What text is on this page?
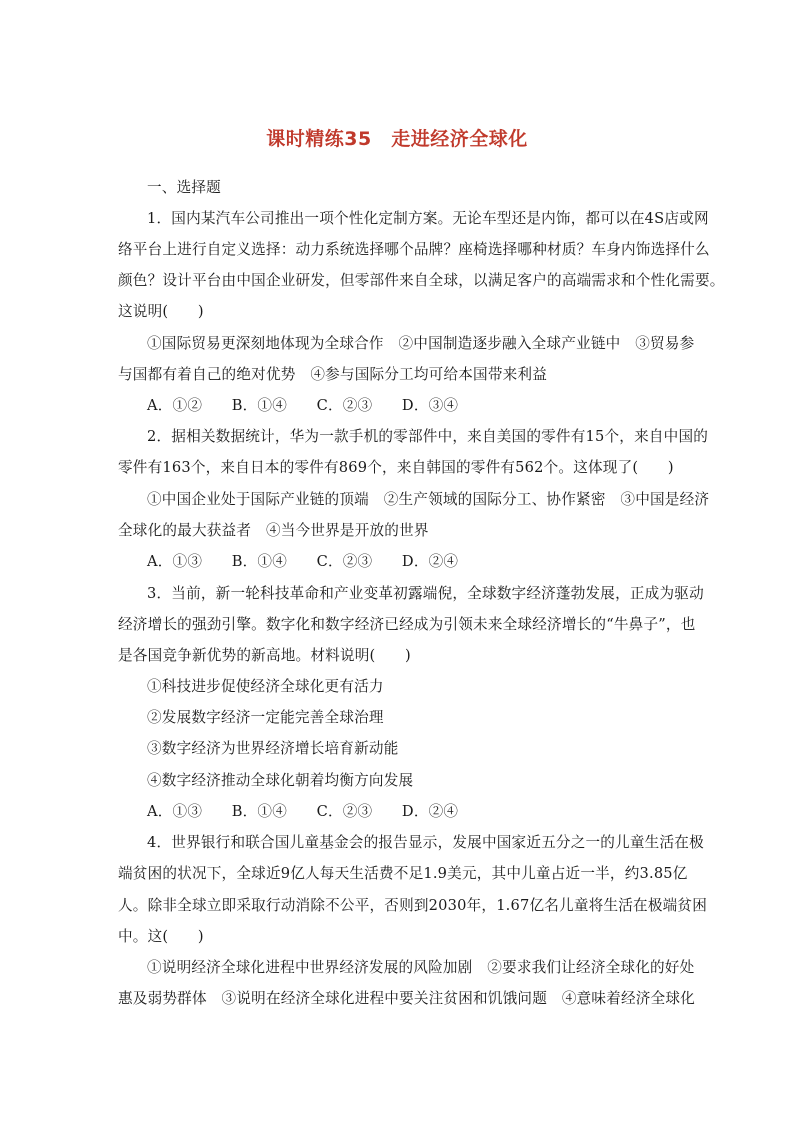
课时精练35　走进经济全球化
一、选择题
1．国内某汽车公司推出一项个性化定制方案。无论车型还是内饰，都可以在4S店或网
络平台上进行自定义选择：动力系统选择哪个品牌？座椅选择哪种材质？车身内饰选择什么
颜色？设计平台由中国企业研发，但零部件来自全球，以满足客户的高端需求和个性化需要。
这说明(　　)
①国际贸易更深刻地体现为全球合作　②中国制造逐步融入全球产业链中　③贸易参
与国都有着自己的绝对优势　④参与国际分工均可给本国带来利益
A．①②　　B．①④　　C．②③　　D．③④
2．据相关数据统计，华为一款手机的零部件中，来自美国的零件有15个，来自中国的
零件有163个，来自日本的零件有869个，来自韩国的零件有562个。这体现了(　　)
①中国企业处于国际产业链的顶端　②生产领域的国际分工、协作紧密　③中国是经济
全球化的最大获益者　④当今世界是开放的世界
A．①③　　B．①④　　C．②③　　D．②④
3．当前，新一轮科技革命和产业变革初露端倪，全球数字经济蓬勃发展，正成为驱动
经济增长的强劲引擎。数字化和数字经济已经成为引领未来全球经济增长的“牛鼻子”，也
是各国竞争新优势的新高地。材料说明(　　)
①科技进步促使经济全球化更有活力
②发展数字经济一定能完善全球治理
③数字经济为世界经济增长培育新动能
④数字经济推动全球化朝着均衡方向发展
A．①③　　B．①④　　C．②③　　D．②④
4．世界银行和联合国儿童基金会的报告显示，发展中国家近五分之一的儿童生活在极
端贫困的状况下，全球近9亿人每天生活费不足1.9美元，其中儿童占近一半，约3.85亿
人。除非全球立即采取行动消除不公平，否则到2030年，1.67亿名儿童将生活在极端贫困
中。这(　　)
①说明经济全球化进程中世界经济发展的风险加剧　②要求我们让经济全球化的好处
惠及弱势群体　③说明在经济全球化进程中要关注贫困和饥饿问题　④意味着经济全球化
